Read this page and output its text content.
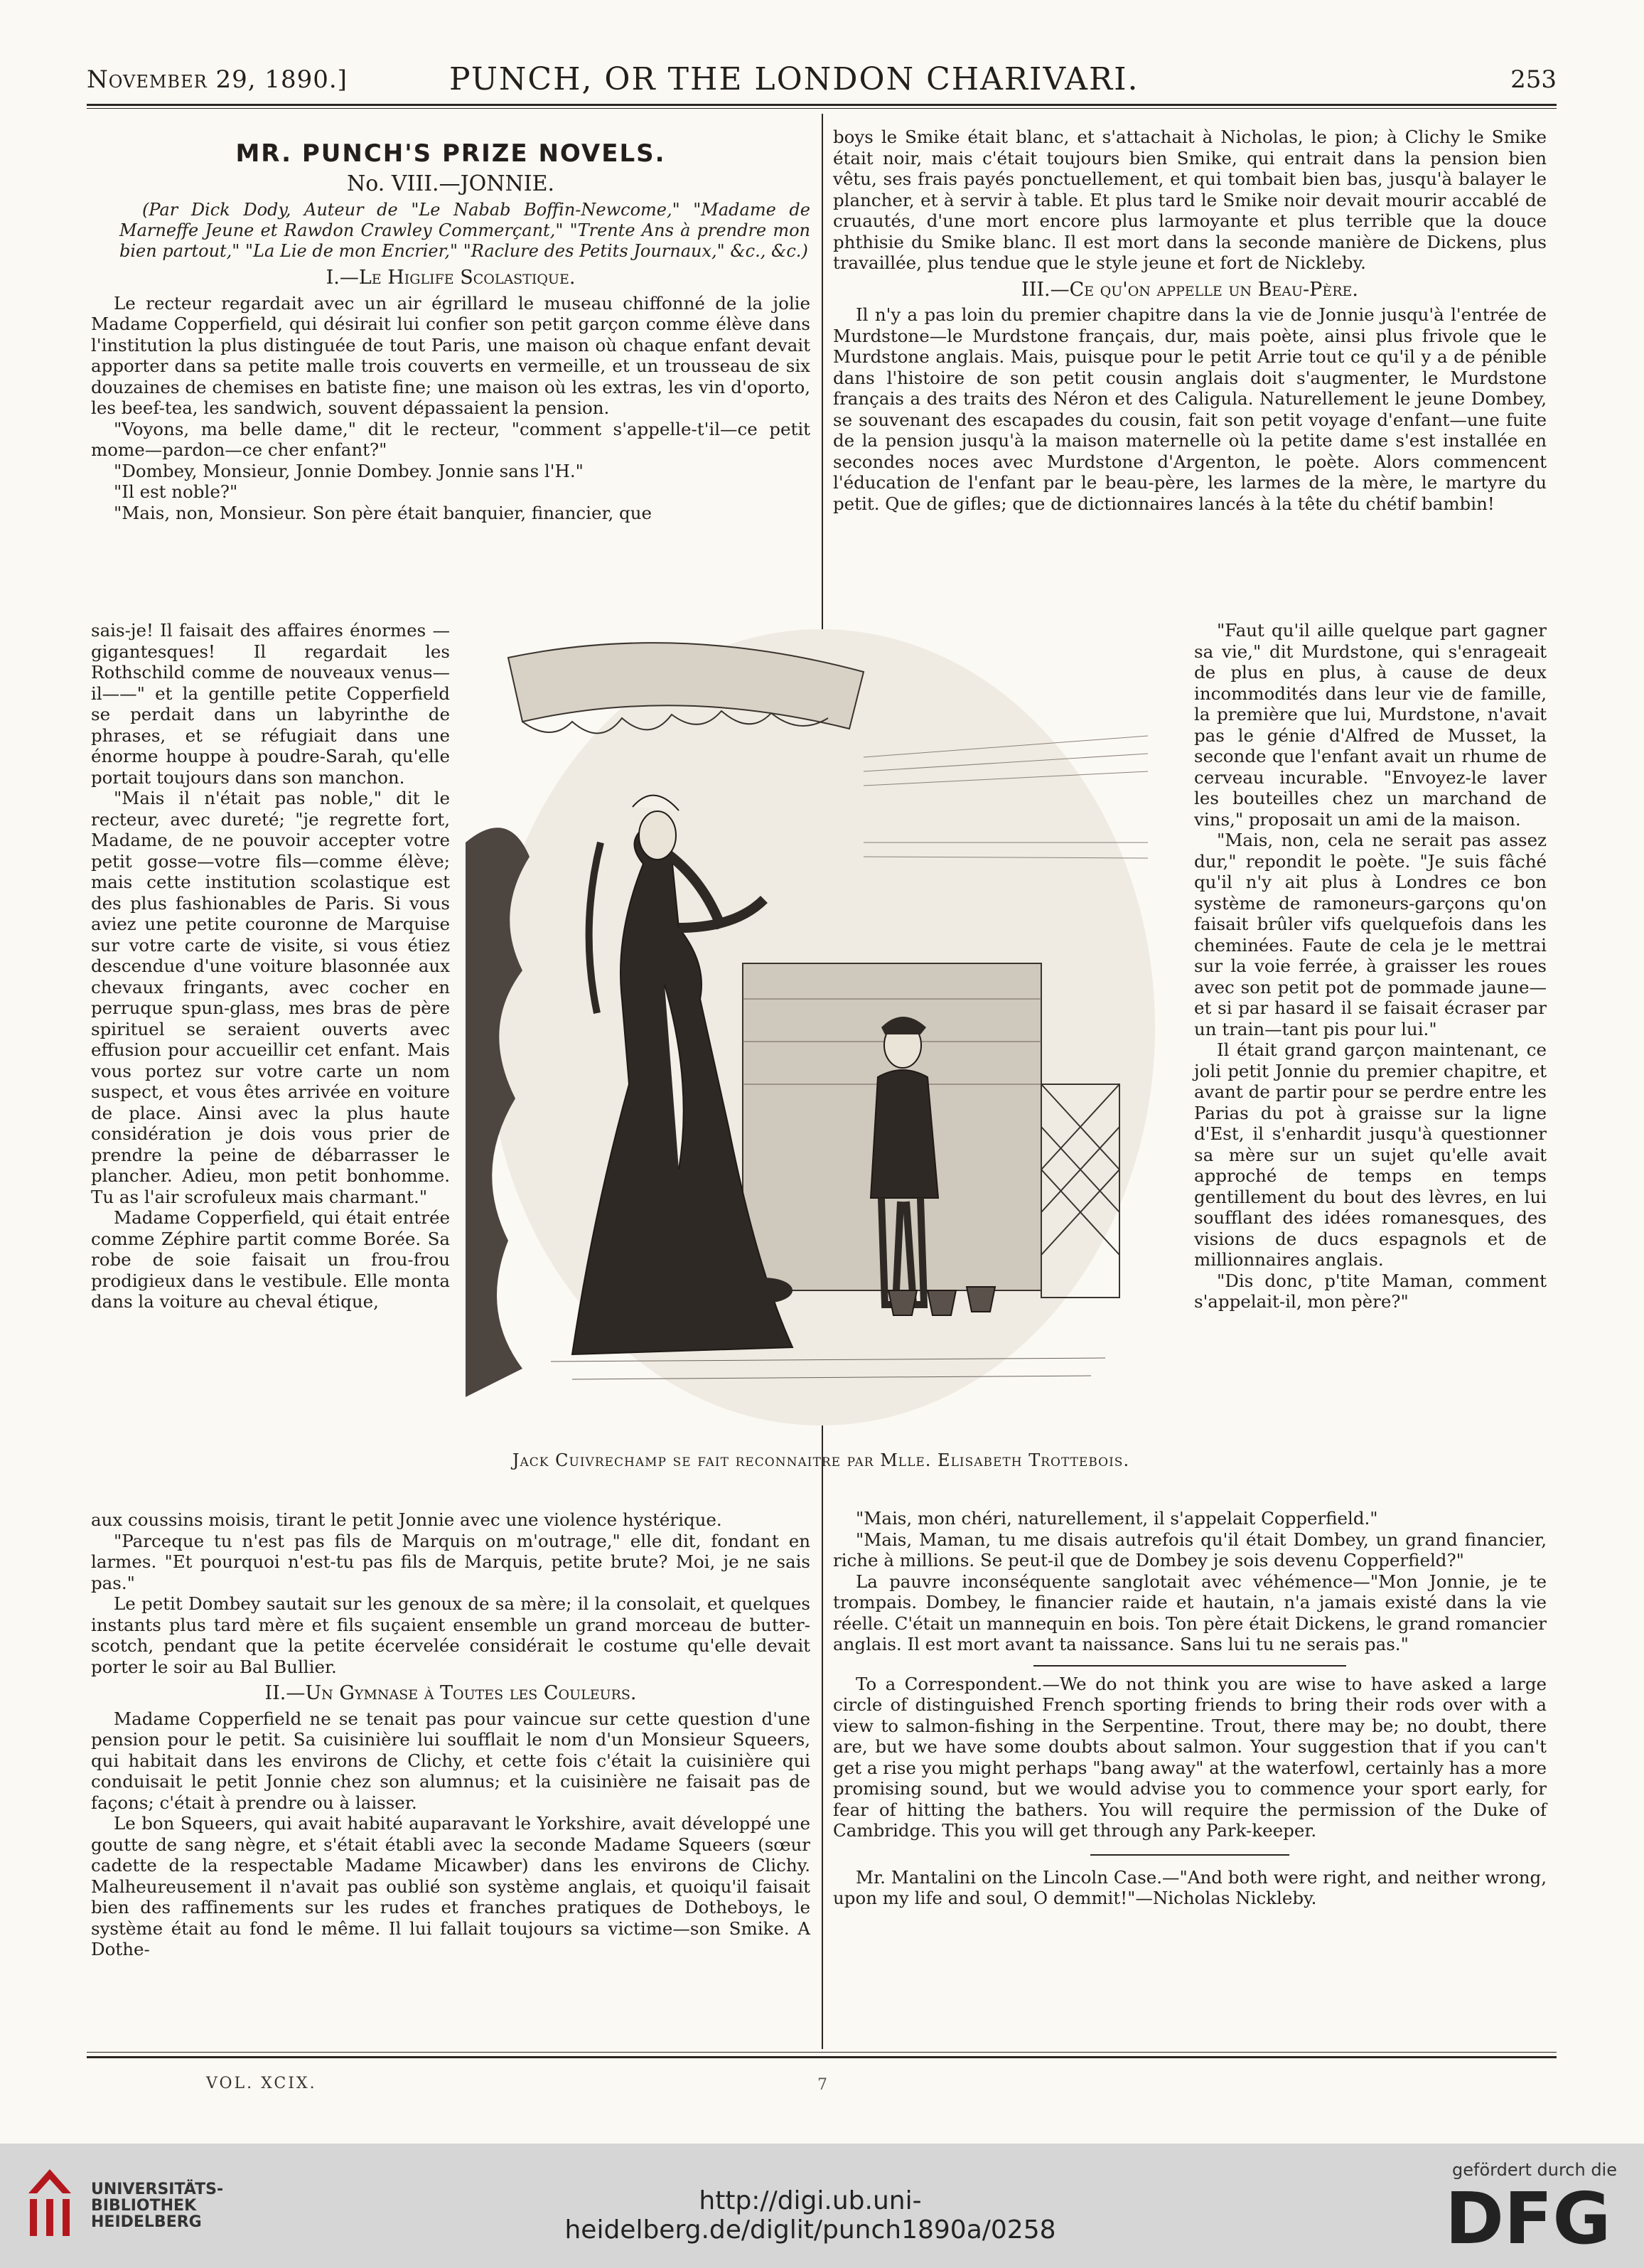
November 29, 1890.]	PUNCH, OR THE LONDON CHARIVARI.	253
MR. PUNCH'S PRIZE NOVELS.
No. VIII.—JONNIE.

(Par Dick Dody, Auteur de "Le Nabab Boffin-Newcome," "Madame de Marneffe Jeune et Rawdon Crawley Commerçant," "Trente Ans à prendre mon bien partout," "La Lie de mon Encrier," "Raclure des Petits Journaux," &c., &c.)

I.—Le Higlife Scolastique.

Le recteur regardait avec un air égrillard le museau chiffonné de la jolie Madame Copperfield, qui désirait lui confier son petit garçon comme élève dans l'institution la plus distinguée de tout Paris, une maison où chaque enfant devait apporter dans sa petite malle trois couverts en vermeille, et un trousseau de six douzaines de chemises en batiste fine; une maison où les extras, les vin d'oporto, les beef-tea, les sandwich, souvent dépassaient la pension.

"Voyons, ma belle dame," dit le recteur, "comment s'appelle-t'il—ce petit mome—pardon—ce cher enfant?"

"Dombey, Monsieur, Jonnie Dombey. Jonnie sans l'H."

"Il est noble?"

"Mais, non, Monsieur. Son père était banquier, financier, que

sais-je! Il faisait des affaires énormes — gigantesques! Il regardait les Rothschild comme de nouveaux venus—il——" et la gentille petite Copperfield se perdait dans un labyrinthe de phrases, et se réfugiait dans une énorme houppe à poudre-Sarah, qu'elle portait toujours dans son manchon.

"Mais il n'était pas noble," dit le recteur, avec dureté; "je regrette fort, Madame, de ne pouvoir accepter votre petit gosse—votre fils—comme élève; mais cette institution scolastique est des plus fashionables de Paris. Si vous aviez une petite couronne de Marquise sur votre carte de visite, si vous étiez descendue d'une voiture blasonnée aux chevaux fringants, avec cocher en perruque spun-glass, mes bras de père spirituel se seraient ouverts avec effusion pour accueillir cet enfant. Mais vous portez sur votre carte un nom suspect, et vous êtes arrivée en voiture de place. Ainsi avec la plus haute considération je dois vous prier de prendre la peine de débarrasser le plancher. Adieu, mon petit bonhomme. Tu as l'air scrofuleux mais charmant."

Madame Copperfield, qui était entrée comme Zéphire partit comme Borée. Sa robe de soie faisait un frou-frou prodigieux dans le vestibule. Elle monta dans la voiture au cheval étique,

aux coussins moisis, tirant le petit Jonnie avec une violence hystérique.

"Parceque tu n'est pas fils de Marquis on m'outrage," elle dit, fondant en larmes. "Et pourquoi n'est-tu pas fils de Marquis, petite brute? Moi, je ne sais pas."

Le petit Dombey sautait sur les genoux de sa mère; il la consolait, et quelques instants plus tard mère et fils suçaient ensemble un grand morceau de butter-scotch, pendant que la petite écervelée considérait le costume qu'elle devait porter le soir au Bal Bullier.

II.—Un Gymnase à Toutes les Couleurs.

Madame Copperfield ne se tenait pas pour vaincue sur cette question d'une pension pour le petit. Sa cuisinière lui soufflait le nom d'un Monsieur Squeers, qui habitait dans les environs de Clichy, et cette fois c'était la cuisinière qui conduisait le petit Jonnie chez son alumnus; et la cuisinière ne faisait pas de façons; c'était à prendre ou à laisser.

Le bon Squeers, qui avait habité auparavant le Yorkshire, avait développé une goutte de sang nègre, et s'était établi avec la seconde Madame Squeers (sœur cadette de la respectable Madame Micawber) dans les environs de Clichy. Malheureusement il n'avait pas oublié son système anglais, et quoiqu'il faisait bien des raffinements sur les rudes et franches pratiques de Dotheboys, le système était au fond le même. Il lui fallait toujours sa victime—son Smike. A Dothe-

boys le Smike était blanc, et s'attachait à Nicholas, le pion; à Clichy le Smike était noir, mais c'était toujours bien Smike, qui entrait dans la pension bien vêtu, ses frais payés ponctuellement, et qui tombait bien bas, jusqu'à balayer le plancher, et à servir à table. Et plus tard le Smike noir devait mourir accablé de cruautés, d'une mort encore plus larmoyante et plus terrible que la douce phthisie du Smike blanc. Il est mort dans la seconde manière de Dickens, plus travaillée, plus tendue que le style jeune et fort de Nickleby.

III.—Ce qu'on appelle un Beau-Père.

Il n'y a pas loin du premier chapitre dans la vie de Jonnie jusqu'à l'entrée de Murdstone—le Murdstone français, dur, mais poète, ainsi plus frivole que le Murdstone anglais. Mais, puisque pour le petit Arrie tout ce qu'il y a de pénible dans l'histoire de son petit cousin anglais doit s'augmenter, le Murdstone français a des traits des Néron et des Caligula. Naturellement le jeune Dombey, se souvenant des escapades du cousin, fait son petit voyage d'enfant—une fuite de la pension jusqu'à la maison maternelle où la petite dame s'est installée en secondes noces avec Murdstone d'Argenton, le poète. Alors commencent l'éducation de l'enfant par le beau-père, les larmes de la mère, le martyre du petit. Que de gifles; que de dictionnaires lancés à la tête du chétif bambin!

"Faut qu'il aille quelque part gagner sa vie," dit Murdstone, qui s'enrageait de plus en plus, à cause de deux incommodités dans leur vie de famille, la première que lui, Murdstone, n'avait pas le génie d'Alfred de Musset, la seconde que l'enfant avait un rhume de cerveau incurable. "Envoyez-le laver les bouteilles chez un marchand de vins," proposait un ami de la maison.

"Mais, non, cela ne serait pas assez dur," repondit le poète. "Je suis fâché qu'il n'y ait plus à Londres ce bon système de ramoneurs-garçons qu'on faisait brûler vifs quelquefois dans les cheminées. Faute de cela je le mettrai sur la voie ferrée, à graisser les roues avec son petit pot de pommade jaune—et si par hasard il se faisait écraser par un train—tant pis pour lui."

Il était grand garçon maintenant, ce joli petit Jonnie du premier chapitre, et avant de partir pour se perdre entre les Parias du pot à graisse sur la ligne d'Est, il s'enhardit jusqu'à questionner sa mère sur un sujet qu'elle avait approché de temps en temps gentillement du bout des lèvres, en lui soufflant des idées romanesques, des visions de ducs espagnols et de millionnaires anglais.

"Dis donc, p'tite Maman, comment s'appelait-il, mon père?"

"Mais, mon chéri, naturellement, il s'appelait Copperfield."

"Mais, Maman, tu me disais autrefois qu'il était Dombey, un grand financier, riche à millions. Se peut-il que de Dombey je sois devenu Copperfield?"

La pauvre inconséquente sanglotait avec véhémence—"Mon Jonnie, je te trompais. Dombey, le financier raide et hautain, n'a jamais existé dans la vie réelle. C'était un mannequin en bois. Ton père était Dickens, le grand romancier anglais. Il est mort avant ta naissance. Sans lui tu ne serais pas."

To a Correspondent.—We do not think you are wise to have asked a large circle of distinguished French sporting friends to bring their rods over with a view to salmon-fishing in the Serpentine. Trout, there may be; no doubt, there are, but we have some doubts about salmon. Your suggestion that if you can't get a rise you might perhaps "bang away" at the waterfowl, certainly has a more promising sound, but we would advise you to commence your sport early, for fear of hitting the bathers. You will require the permission of the Duke of Cambridge. This you will get through any Park-keeper.

Mr. Mantalini on the Lincoln Case.—"And both were right, and neither wrong, upon my life and soul, O demmit!"—Nicholas Nickleby.

Jack Cuivrechamp se fait reconnaitre par Mlle. Elisabeth Trottebois.
VOL. XCIX.	7
UNIVERSITÄTS-
BIBLIOTHEK
HEIDELBERG
http://digi.ub.uni-heidelberg.de/diglit/punch1890a/0258
gefördert durch die
DFG
